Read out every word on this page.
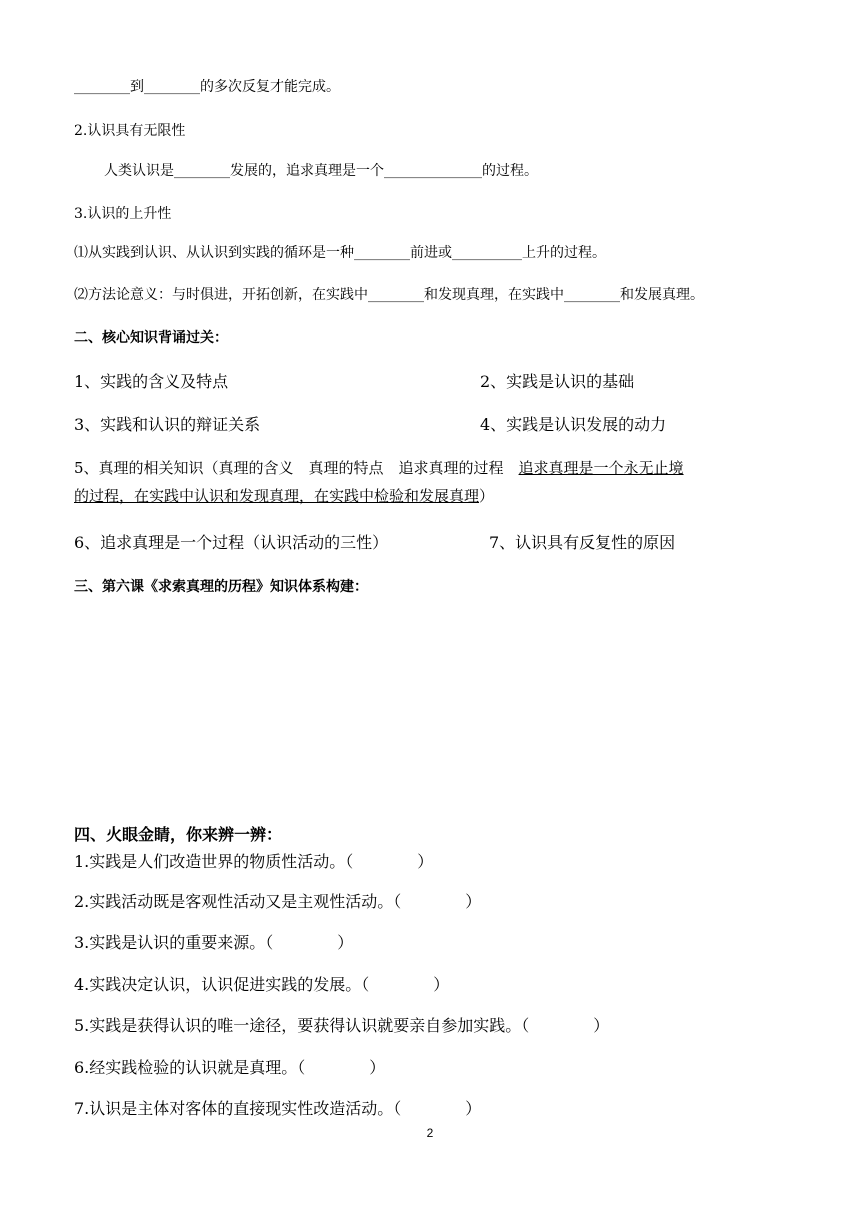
________到________的多次反复才能完成。
2.认识具有无限性
人类认识是________发展的，追求真理是一个______________的过程。
3.认识的上升性
⑴从实践到认识、从认识到实践的循环是一种________前进或__________上升的过程。
⑵方法论意义：与时俱进，开拓创新，在实践中________和发现真理，在实践中________和发展真理。
二、核心知识背诵过关：
1、实践的含义及特点	2、实践是认识的基础
3、实践和认识的辩证关系	4、实践是认识发展的动力
5、真理的相关知识（真理的含义　真理的特点　追求真理的过程　追求真理是一个永无止境
的过程，在实践中认识和发现真理，在实践中检验和发展真理）
6、追求真理是一个过程（认识活动的三性）	7、认识具有反复性的原因
三、第六课《求索真理的历程》知识体系构建：
四、火眼金睛，你来辨一辨：
1.实践是人们改造世界的物质性活动。（　　　　）
2.实践活动既是客观性活动又是主观性活动。（　　　　）
3.实践是认识的重要来源。（　　　　）
4.实践决定认识，认识促进实践的发展。（　　　　）
5.实践是获得认识的唯一途径，要获得认识就要亲自参加实践。（　　　　）
6.经实践检验的认识就是真理。（　　　　）
7.认识是主体对客体的直接现实性改造活动。（　　　　）
2
